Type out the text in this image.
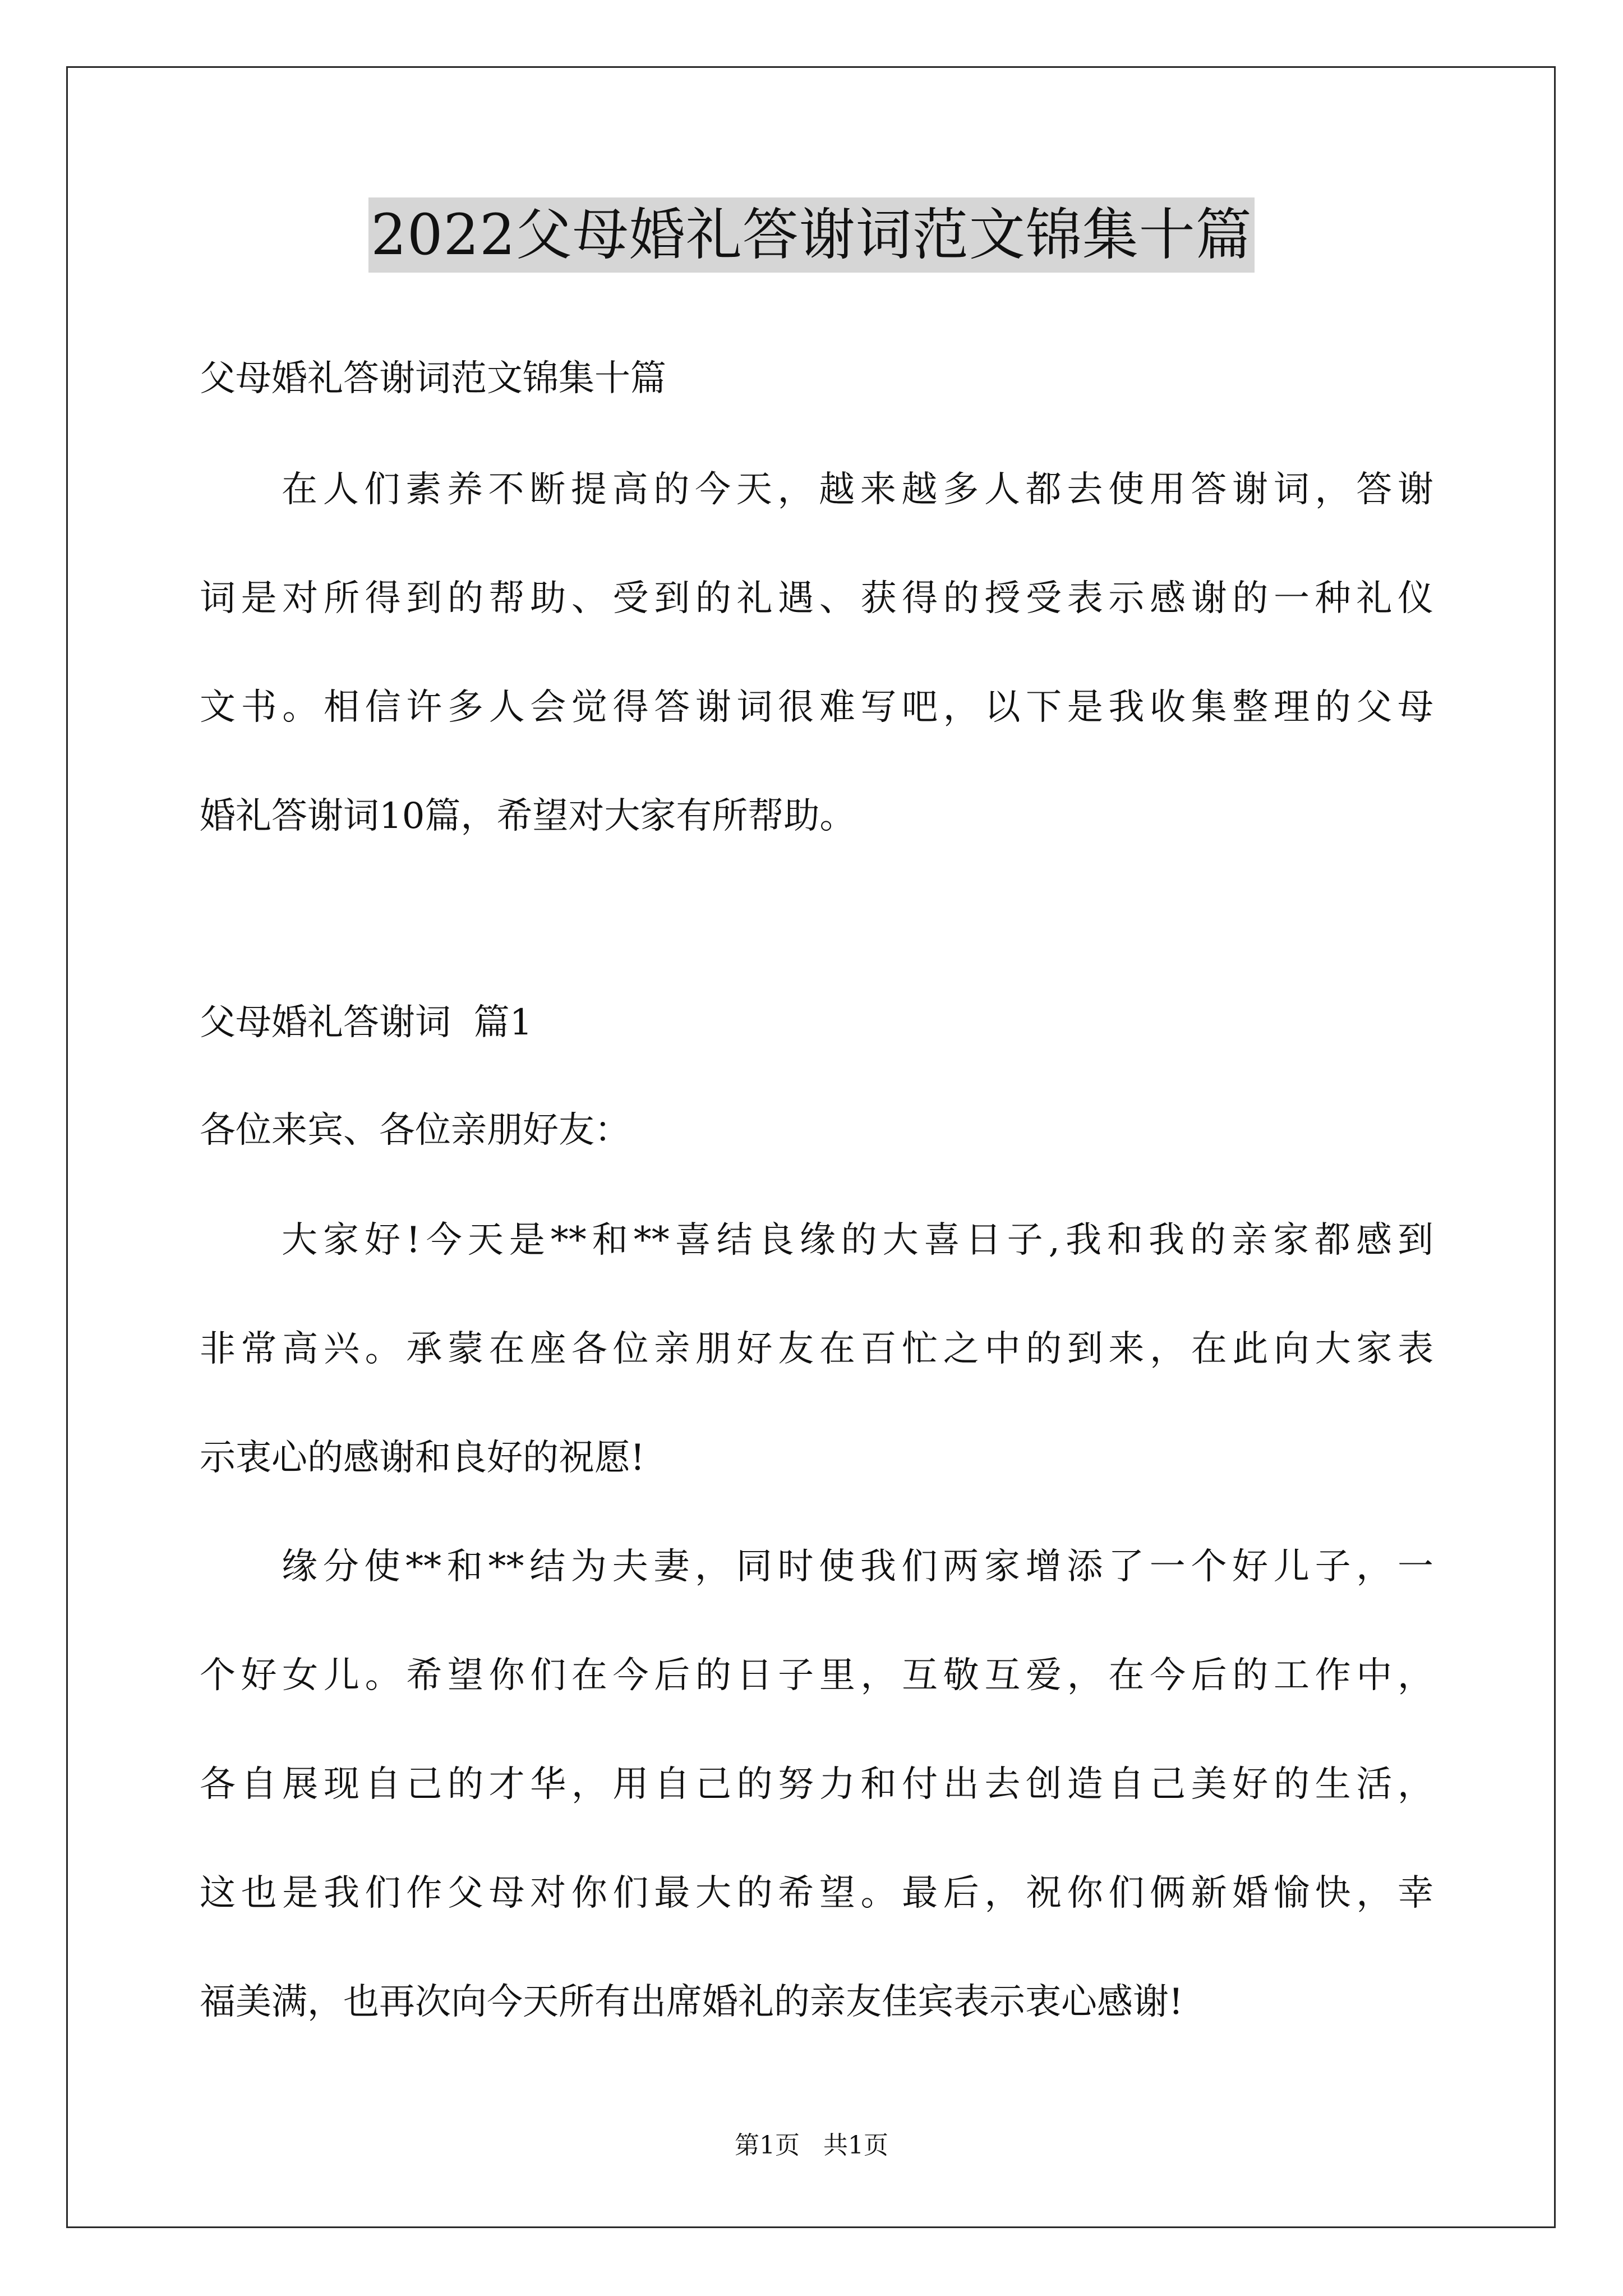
2022父母婚礼答谢词范文锦集十篇
父母婚礼答谢词范文锦集十篇
在人们素养不断提高的今天，越来越多人都去使用答谢词，答谢
词是对所得到的帮助、受到的礼遇、获得的授受表示感谢的一种礼仪
文书。相信许多人会觉得答谢词很难写吧，以下是我收集整理的父母
婚礼答谢词10篇，希望对大家有所帮助。
父母婚礼答谢词  篇1
各位来宾、各位亲朋好友：
大家好!今天是**和**喜结良缘的大喜日子,我和我的亲家都感到
非常高兴。承蒙在座各位亲朋好友在百忙之中的到来，在此向大家表
示衷心的感谢和良好的祝愿!
缘分使**和**结为夫妻，同时使我们两家增添了一个好儿子，一
个好女儿。希望你们在今后的日子里，互敬互爱，在今后的工作中，
各自展现自己的才华，用自己的努力和付出去创造自己美好的生活，
这也是我们作父母对你们最大的希望。最后，祝你们俩新婚愉快，幸
福美满，也再次向今天所有出席婚礼的亲友佳宾表示衷心感谢!
第1页   共1页
